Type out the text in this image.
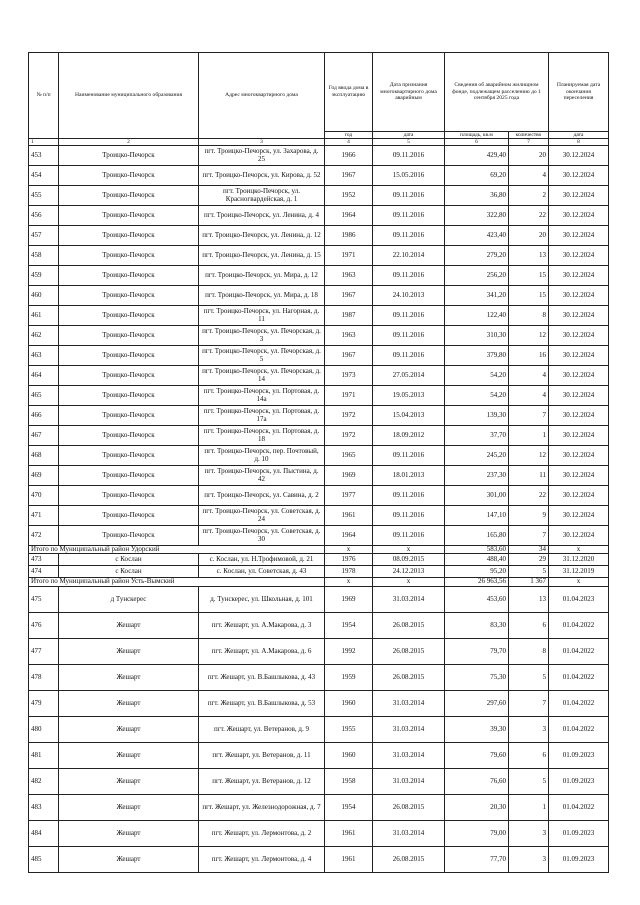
№ п/п	Наименование муниципального образования	Адрес многоквартирного дома	Год ввода дома в эксплуатацию	Дата признания многоквартирного дома аварийным	Сведения об аварийном жилищном фонде, подлежащем расселению до 1 сентября 2025 года		Планируемая дата окончания переселения
			год	дата	площадь, кв.м	количество	дата
1	2	3	4	5	6	7	8
453	Троицко-Печорск	пгт. Троицко-Печорск, ул. Захарова, д. 25	1966	09.11.2016	429,40	20	30.12.2024
454	Троицко-Печорск	пгт. Троицко-Печорск, ул. Кирова, д. 52	1967	15.05.2016	69,20	4	30.12.2024
455	Троицко-Печорск	пгт. Троицко-Печорск, ул. Красногвардейская, д. 1	1952	09.11.2016	36,80	2	30.12.2024
456	Троицко-Печорск	пгт. Троицко-Печорск, ул. Ленина, д. 4	1964	09.11.2016	322,80	22	30.12.2024
457	Троицко-Печорск	пгт. Троицко-Печорск, ул. Ленина, д. 12	1986	09.11.2016	423,40	20	30.12.2024
458	Троицко-Печорск	пгт. Троицко-Печорск, ул. Ленина, д. 15	1971	22.10.2014	279,20	13	30.12.2024
459	Троицко-Печорск	пгт. Троицко-Печорск, ул. Мира, д. 12	1963	09.11.2016	256,20	15	30.12.2024
460	Троицко-Печорск	пгт. Троицко-Печорск, ул. Мира, д. 18	1967	24.10.2013	341,20	15	30.12.2024
461	Троицко-Печорск	пгт. Троицко-Печорск, ул. Нагорная, д. 11	1987	09.11.2016	122,40	8	30.12.2024
462	Троицко-Печорск	пгт. Троицко-Печорск, ул. Печорская, д. 3	1963	09.11.2016	310,30	12	30.12.2024
463	Троицко-Печорск	пгт. Троицко-Печорск, ул. Печорская, д. 5	1967	09.11.2016	379,80	16	30.12.2024
464	Троицко-Печорск	пгт. Троицко-Печорск, ул. Печорская, д. 14	1973	27.05.2014	54,20	4	30.12.2024
465	Троицко-Печорск	пгт. Троицко-Печорск, ул. Портовая, д. 14а	1971	19.05.2013	54,20	4	30.12.2024
466	Троицко-Печорск	пгт. Троицко-Печорск, ул. Портовая, д. 17а	1972	15.04.2013	139,30	7	30.12.2024
467	Троицко-Печорск	пгт. Троицко-Печорск, ул. Портовая, д. 18	1972	18.09.2012	37,70	1	30.12.2024
468	Троицко-Печорск	пгт. Троицко-Печорск, пер. Почтовый, д. 10	1965	09.11.2016	245,20	12	30.12.2024
469	Троицко-Печорск	пгт. Троицко-Печорск, ул. Пыстина, д. 42	1969	18.01.2013	237,30	11	30.12.2024
470	Троицко-Печорск	пгт. Троицко-Печорск, ул. Савина, д. 2	1977	09.11.2016	301,00	22	30.12.2024
471	Троицко-Печорск	пгт. Троицко-Печорск, ул. Советская, д. 24	1961	09.11.2016	147,10	9	30.12.2024
472	Троицко-Печорск	пгт. Троицко-Печорск, ул. Советская, д. 30	1964	09.11.2016	165,80	7	30.12.2024
Итого по Муниципальный район Удорский			x	x	583,60	34	x
473	с Кослан	с. Кослан, ул. Н.Трофимовой, д. 21	1976	08.09.2015	488,40	29	31.12.2020
474	с Кослан	с. Кослан, ул. Советская, д. 43	1978	24.12.2013	95,20	5	31.12.2019
Итого по Муниципальный район Усть-Вымский			x	x	26 963,56	1 367	x
475	д Тунскерес	д. Тунскерес, ул. Школьная, д. 101	1969	31.03.2014	453,60	13	01.04.2023
476	Жешарт	пгт. Жешарт, ул. А.Макарова, д. 3	1954	26.08.2015	83,30	6	01.04.2022
477	Жешарт	пгт. Жешарт, ул. А.Макарова, д. 6	1992	26.08.2015	79,70	8	01.04.2022
478	Жешарт	пгт. Жешарт, ул. В.Башлыкова, д. 43	1959	26.08.2015	75,30	5	01.04.2022
479	Жешарт	пгт. Жешарт, ул. В.Башлыкова, д. 53	1960	31.03.2014	297,60	7	01.04.2022
480	Жешарт	пгт. Жешарт, ул. Ветеранов, д. 9	1955	31.03.2014	39,30	3	01.04.2022
481	Жешарт	пгт. Жешарт, ул. Ветеранов, д. 11	1960	31.03.2014	79,60	6	01.09.2023
482	Жешарт	пгт. Жешарт, ул. Ветеранов, д. 12	1958	31.03.2014	76,60	5	01.09.2023
483	Жешарт	пгт. Жешарт, ул. Железнодорожная, д. 7	1954	26.08.2015	20,30	1	01.04.2022
484	Жешарт	пгт. Жешарт, ул. Лермонтова, д. 2	1961	31.03.2014	79,00	3	01.09.2023
485	Жешарт	пгт. Жешарт, ул. Лермонтова, д. 4	1961	26.08.2015	77,70	3	01.09.2023
